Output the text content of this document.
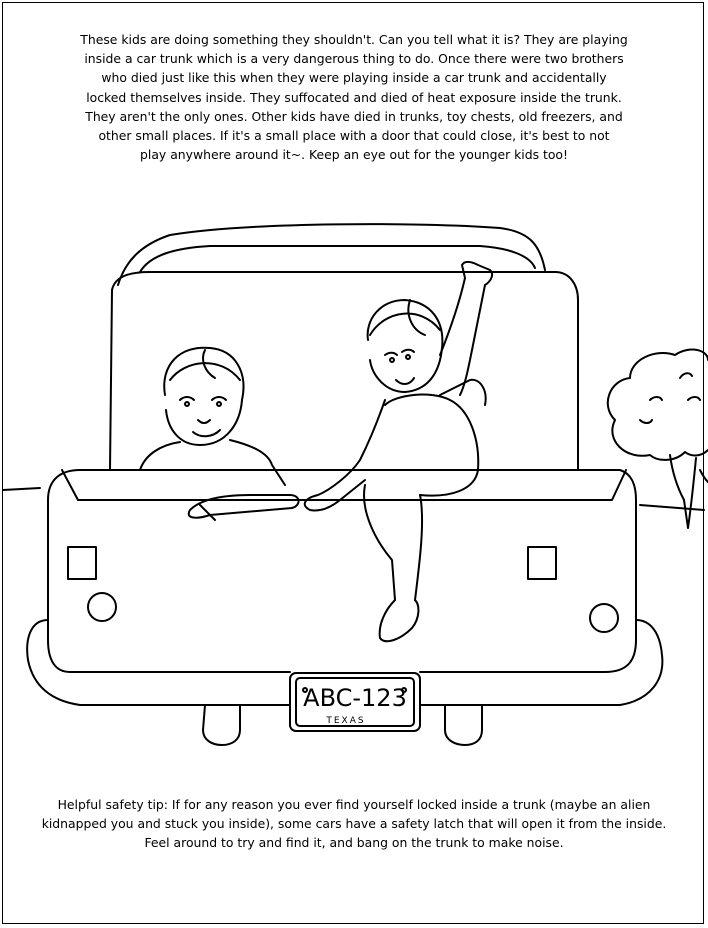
These kids are doing something they shouldn't. Can you tell what it is? They are playing

inside a car trunk which is a very dangerous thing to do. Once there were two brothers

who died just like this when they were playing inside a car trunk and accidentally

locked themselves inside. They suffocated and died of heat exposure inside the trunk.

They aren't the only ones. Other kids have died in trunks, toy chests, old freezers, and

other small places. If it's a small place with a door that could close, it's best to not

play anywhere around it~. Keep an eye out for the younger kids too!

ABC-123
TEXAS

Helpful safety tip: If for any reason you ever find yourself locked inside a trunk (maybe an alien

kidnapped you and stuck you inside), some cars have a safety latch that will open it from the inside.

Feel around to try and find it, and bang on the trunk to make noise.
